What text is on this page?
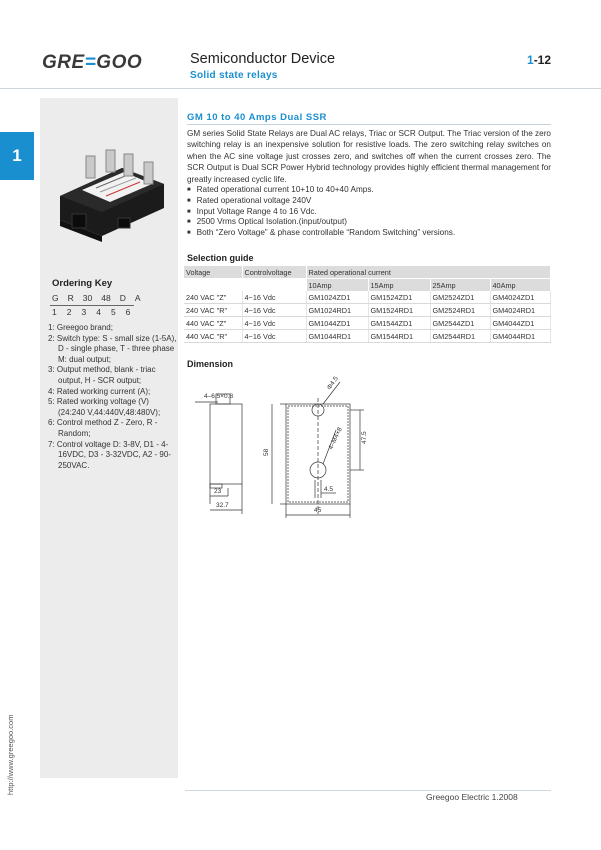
GRE=GOO	Semiconductor Device
Solid state relays
1-12
1
Ordering Key
G R 30 48 D A
1 2 3 4 5 6
1: Greegoo brand;
2: Switch type: S - small size (1-5A), D - single phase, T - three phase M: dual output;
3: Output method, blank - triac output, H - SCR output;
4: Rated working current (A);
5: Rated working voltage (V) (24:240 V,44:440V,48:480V);
6: Control method Z - Zero, R - Random;
7: Control voltage D: 3-8V, D1 - 4-16VDC, D3 - 3-32VDC, A2 - 90-250VAC.
http://www.greegoo.com
GM 10 to 40 Amps Dual SSR

GM series Solid State Relays are Dual AC relays, Triac or SCR Output. The Triac version of the zero switching relay is an inexpensive solution for resistive loads. The zero switching relay switches on when the AC sine voltage just crosses zero, and switches off when the current crosses zero. The SCR Output is Dual SCR Power Hybrid technology provides highly efficient thermal management for greatly increased cyclic life.

■ Rated operational current 10+10 to 40+40 Amps.
■ Rated operational voltage 240V
■ Input Voltage Range 4 to 16 Vdc.
■ 2500 Vrms Optical Isolation.(input/output)
■ Both “Zero Voltage” & phase controllable “Random Switching” versions.
Selection guide
Voltage	Controlvoltage	Rated operational current			
		10Amp	15Amp	25Amp	40Amp
240 VAC "Z"	4~16 Vdc	GM1024ZD1	GM1524ZD1	GM2524ZD1	GM4024ZD1
240 VAC "R"	4~16 Vdc	GM1024RD1	GM1524RD1	GM2524RD1	GM4024RD1
440 VAC "Z"	4~16 Vdc	GM1044ZD1	GM1544ZD1	GM2544ZD1	GM4044ZD1
440 VAC "R"	4~16 Vdc	GM1044RD1	GM1544RD1	GM2544RD1	GM4044RD1
Dimension
4–6.5×0.8
23
32.7
58
47.5
45
4.5
Φ4.5
4–M4×8
Greegoo Electric 1.2008
